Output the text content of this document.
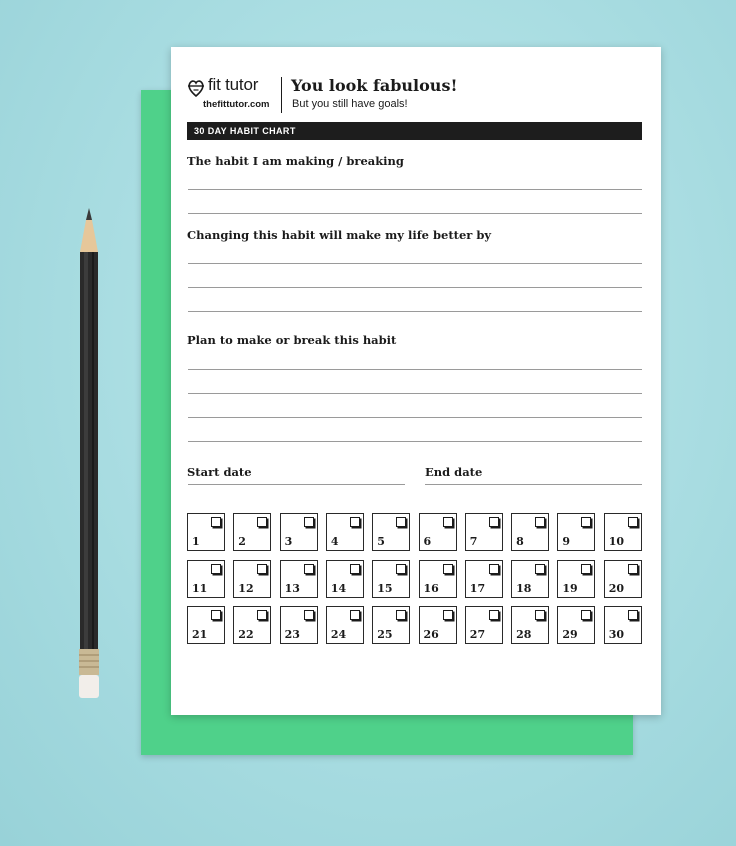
fit tutor
thefittutor.com
You look fabulous!
But you still have goals!
30 DAY HABIT CHART
The habit I am making / breaking
Changing this habit will make my life better by
Plan to make or break this habit
Start date	End date
1	2	3	4	5	6	7	8	9	10
11	12	13	14	15	16	17	18	19	20
21	22	23	24	25	26	27	28	29	30
